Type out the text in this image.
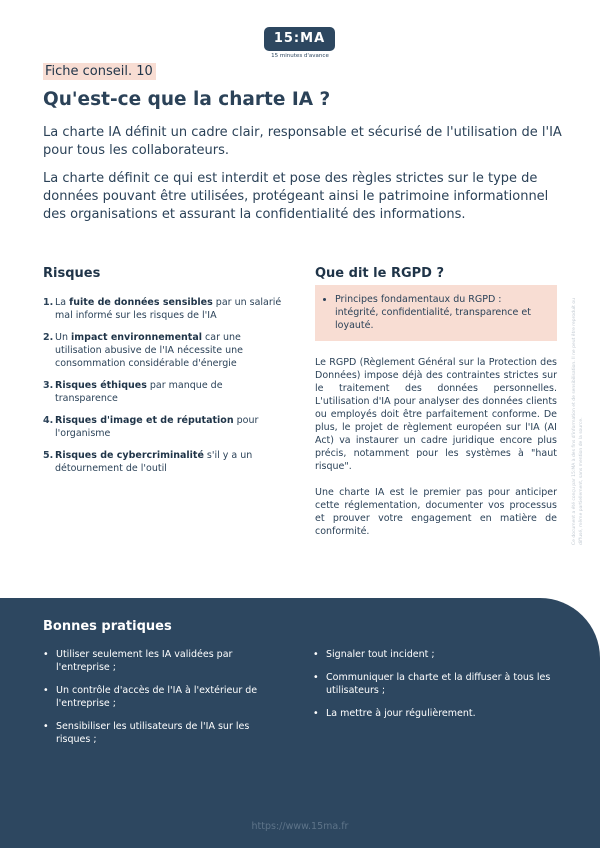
15:MA
15 minutes d'avance
Fiche conseil. 10
Qu'est-ce que la charte IA ?

La charte IA définit un cadre clair, responsable et sécurisé de l'utilisation de l'IA pour tous les collaborateurs.

La charte définit ce qui est interdit et pose des règles strictes sur le type de données pouvant être utilisées, protégeant ainsi le patrimoine informationnel des organisations et assurant la confidentialité des informations.

Risques
1. La fuite de données sensibles par un salarié mal informé sur les risques de l'IA
2. Un impact environnemental car une utilisation abusive de l'IA nécessite une consommation considérable d'énergie
3. Risques éthiques par manque de transparence
4. Risques d'image et de réputation pour l'organisme
5. Risques de cybercriminalité s'il y a un détournement de l'outil
Que dit le RGPD ?
• Principes fondamentaux du RGPD : intégrité, confidentialité, transparence et loyauté.

Le RGPD (Règlement Général sur la Protection des Données) impose déjà des contraintes strictes sur le traitement des données personnelles. L'utilisation d'IA pour analyser des données clients ou employés doit être parfaitement conforme. De plus, le projet de règlement européen sur l'IA (AI Act) va instaurer un cadre juridique encore plus précis, notamment pour les systèmes à "haut risque".

Une charte IA est le premier pas pour anticiper cette réglementation, documenter vos processus et prouver votre engagement en matière de conformité.	Ce document a été conçu par 15:MA à des fins d'information et de sensibilisation. Il ne peut être reproduit ou diffusé, même partiellement, sans mention de la source.
Bonnes pratiques
• Utiliser seulement les IA validées par l'entreprise ;
• Un contrôle d'accès de l'IA à l'extérieur de l'entreprise ;
• Sensibiliser les utilisateurs de l'IA sur les risques ;
• Signaler tout incident ;
• Communiquer la charte et la diffuser à tous les utilisateurs ;
• La mettre à jour régulièrement.
https://www.15ma.fr
